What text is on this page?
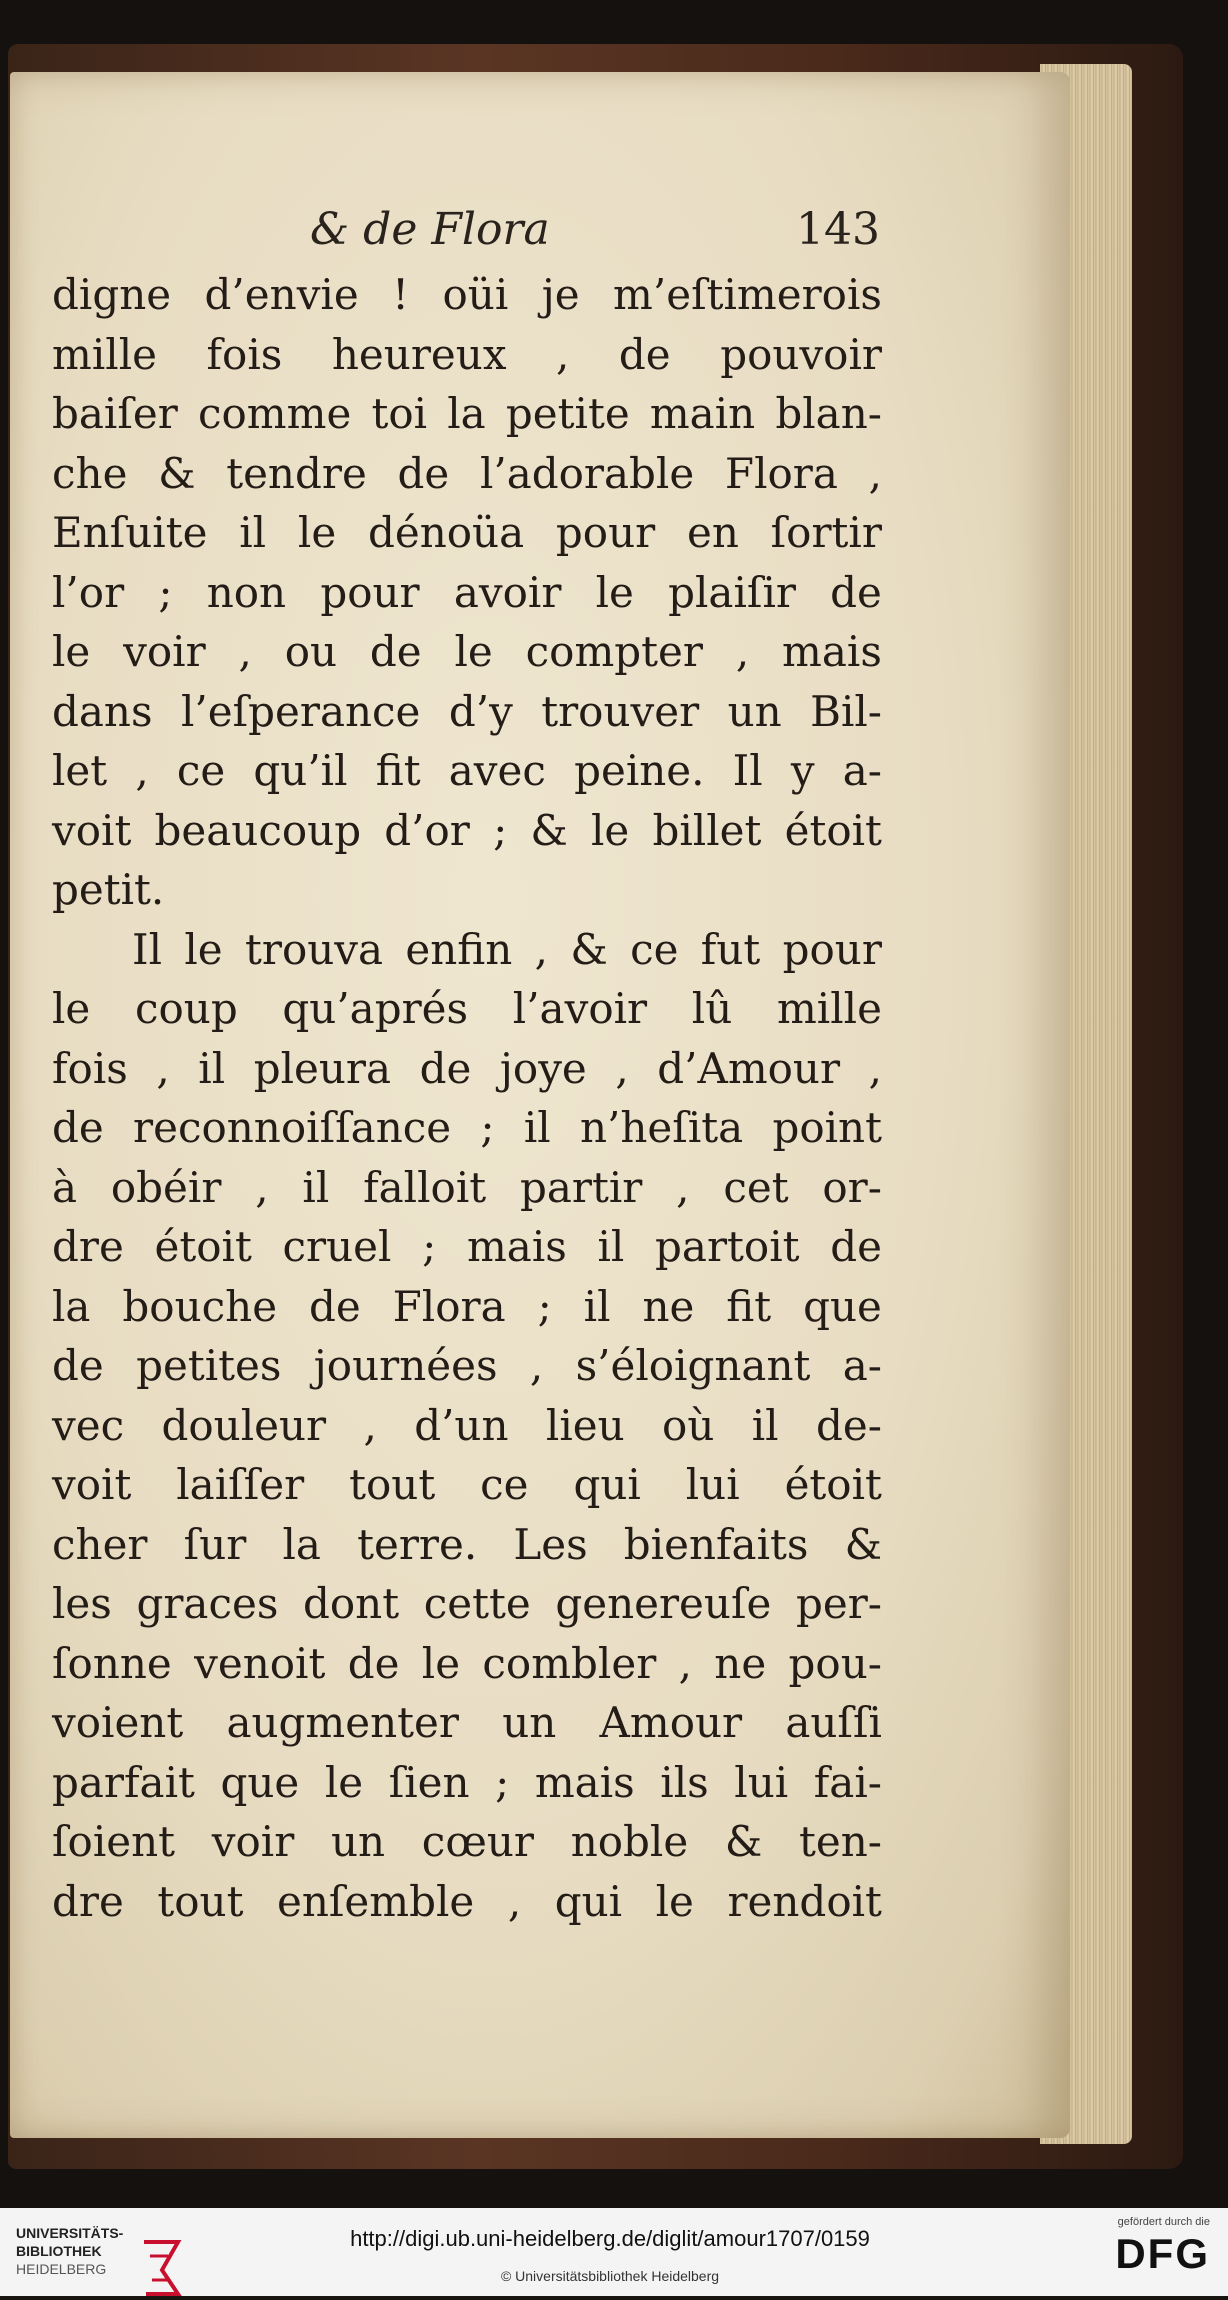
& de Flora	143
digne d’envie ! oüi je m’eſtimerois
mille fois heureux , de pouvoir
baiſer comme toi la petite main blan-
che & tendre de l’adorable Flora ,
Enſuite il le dénoüa pour en ſortir
l’or ; non pour avoir le plaiſir de
le voir , ou de le compter , mais
dans l’eſperance d’y trouver un Bil-
let , ce qu’il fit avec peine. Il y a-
voit beaucoup d’or ; & le billet étoit
petit.
Il le trouva enfin , & ce fut pour
le coup qu’aprés l’avoir lû mille
fois , il pleura de joye , d’Amour ,
de reconnoiſſance ; il n’heſita point
à obéir , il falloit partir , cet or-
dre étoit cruel ; mais il partoit de
la bouche de Flora ; il ne fit que
de petites journées , s’éloignant a-
vec douleur , d’un lieu où il de-
voit laiſſer tout ce qui lui étoit
cher ſur la terre. Les bienfaits &
les graces dont cette genereuſe per-
ſonne venoit de le combler , ne pou-
voient augmenter un Amour auſſi
parfait que le ſien ; mais ils lui fai-
ſoient voir un cœur noble & ten-
dre tout enſemble , qui le rendoit
UNIVERSITÄTS-
BIBLIOTHEK
HEIDELBERG
http://digi.ub.uni-heidelberg.de/diglit/amour1707/0159
© Universitätsbibliothek Heidelberg
gefördert durch die
DFG
